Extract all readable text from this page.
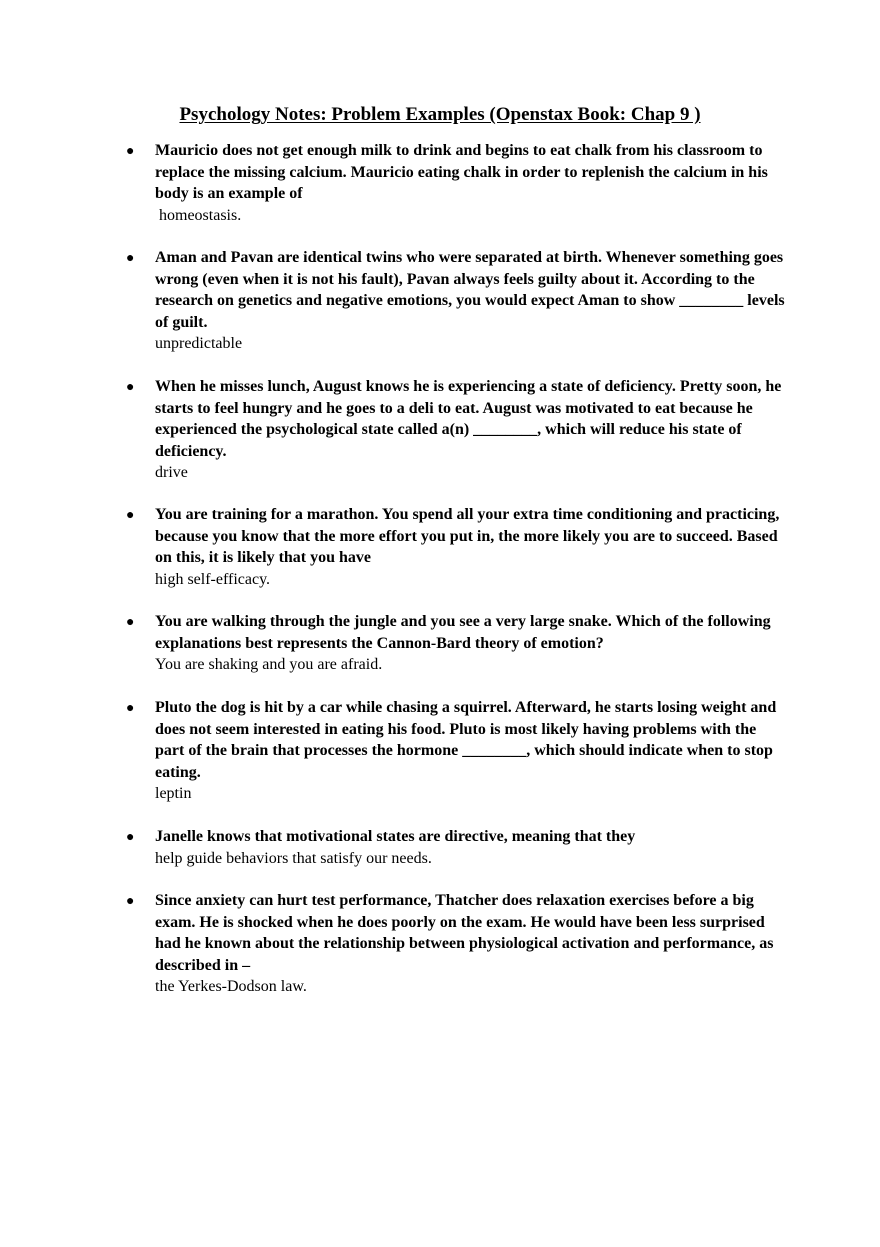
Psychology Notes: Problem Examples (Openstax Book: Chap 9 )
● Mauricio does not get enough milk to drink and begins to eat chalk from his classroom to replace the missing calcium. Mauricio eating chalk in order to replenish the calcium in his body is an example of

homeostasis.

● Aman and Pavan are identical twins who were separated at birth. Whenever something goes wrong (even when it is not his fault), Pavan always feels guilty about it. According to the research on genetics and negative emotions, you would expect Aman to show ________ levels of guilt.

unpredictable

● When he misses lunch, August knows he is experiencing a state of deficiency. Pretty soon, he starts to feel hungry and he goes to a deli to eat. August was motivated to eat because he experienced the psychological state called a(n) ________, which will reduce his state of deficiency.

drive

● You are training for a marathon. You spend all your extra time conditioning and practicing, because you know that the more effort you put in, the more likely you are to succeed. Based on this, it is likely that you have

high self-efficacy.

● You are walking through the jungle and you see a very large snake. Which of the following explanations best represents the Cannon-Bard theory of emotion?

You are shaking and you are afraid.

● Pluto the dog is hit by a car while chasing a squirrel. Afterward, he starts losing weight and does not seem interested in eating his food. Pluto is most likely having problems with the part of the brain that processes the hormone ________, which should indicate when to stop eating.

leptin

● Janelle knows that motivational states are directive, meaning that they

help guide behaviors that satisfy our needs.

● Since anxiety can hurt test performance, Thatcher does relaxation exercises before a big exam. He is shocked when he does poorly on the exam. He would have been less surprised had he known about the relationship between physiological activation and performance, as described in –

the Yerkes-Dodson law.
